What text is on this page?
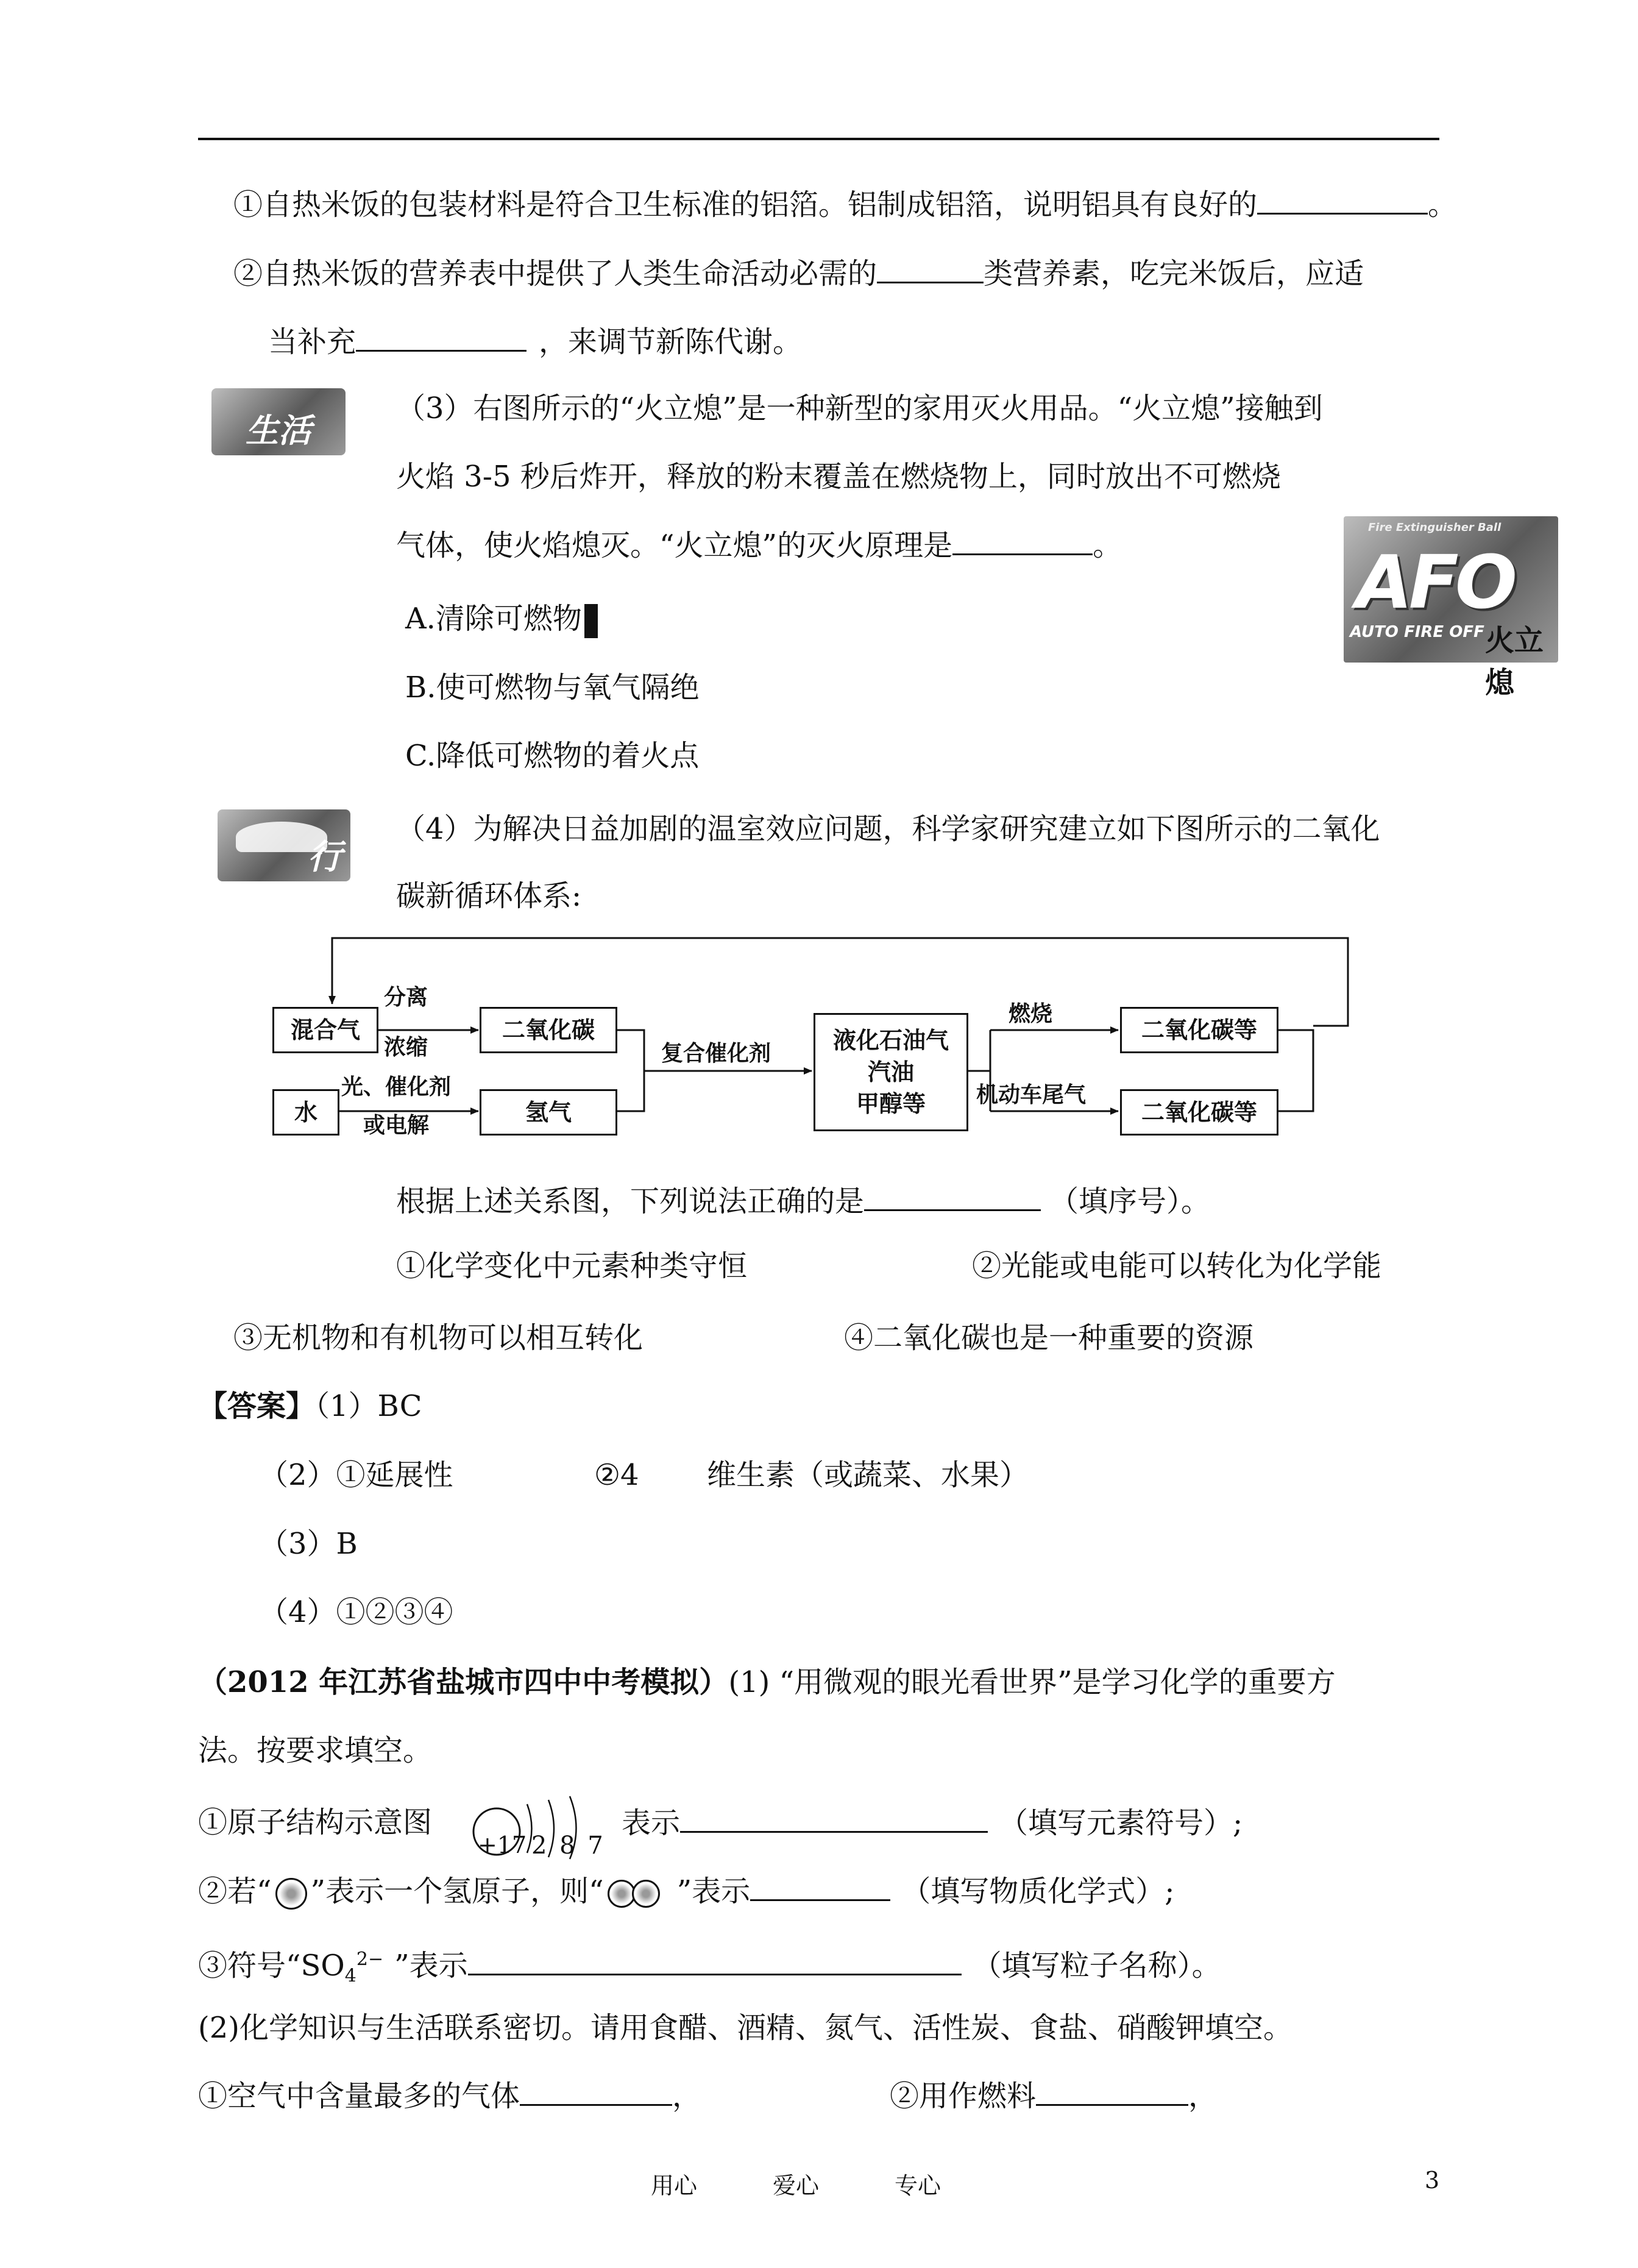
①自热米饭的包装材料是符合卫生标准的铝箔。铝制成铝箔，说明铝具有良好的	。
②自热米饭的营养表中提供了人类生命活动必需的	类营养素，吃完米饭后，应适
当补充	，来调节新陈代谢。
生活
（3）右图所示的“火立熄”是一种新型的家用灭火用品。“火立熄”接触到
火焰 3-5 秒后炸开，释放的粉末覆盖在燃烧物上，同时放出不可燃烧
气体，使火焰熄灭。“火立熄”的灭火原理是	。
Fire Extinguisher Ball
AFO
AUTO FIRE OFF 火立熄
A.清除可燃物
B.使可燃物与氧气隔绝
C.降低可燃物的着火点
行
（4）为解决日益加剧的温室效应问题，科学家研究建立如下图所示的二氧化
碳新循环体系:
混合气
水
二氧化碳
氢气
液化石油气
汽油
甲醇等
二氧化碳等
二氧化碳等
分离
浓缩
光、催化剂
或电解
复合催化剂
燃烧
机动车尾气
根据上述关系图，下列说法正确的是	（填序号）。
①化学变化中元素种类守恒	②光能或电能可以转化为化学能
③无机物和有机物可以相互转化	④二氧化碳也是一种重要的资源
【答案】（1）BC
（2）①延展性	②4 维生素（或蔬菜、水果）
（3）B
（4）①②③④
（2012 年江苏省盐城市四中中考模拟）(1) “用微观的眼光看世界”是学习化学的重要方
法。按要求填空。
①原子结构示意图
+17 2 8 7
表示	（填写元素符号）;
②若“ ”表示一个氢原子，则“	”表示	（填写物质化学式）;
③符号“$SO_4^{2-}$ ”表示	（填写粒子名称）。
(2)化学知识与生活联系密切。请用食醋、酒精、氮气、活性炭、食盐、硝酸钾填空。
①空气中含量最多的气体	，	②用作燃料	，
用心	爱心	专心	3
